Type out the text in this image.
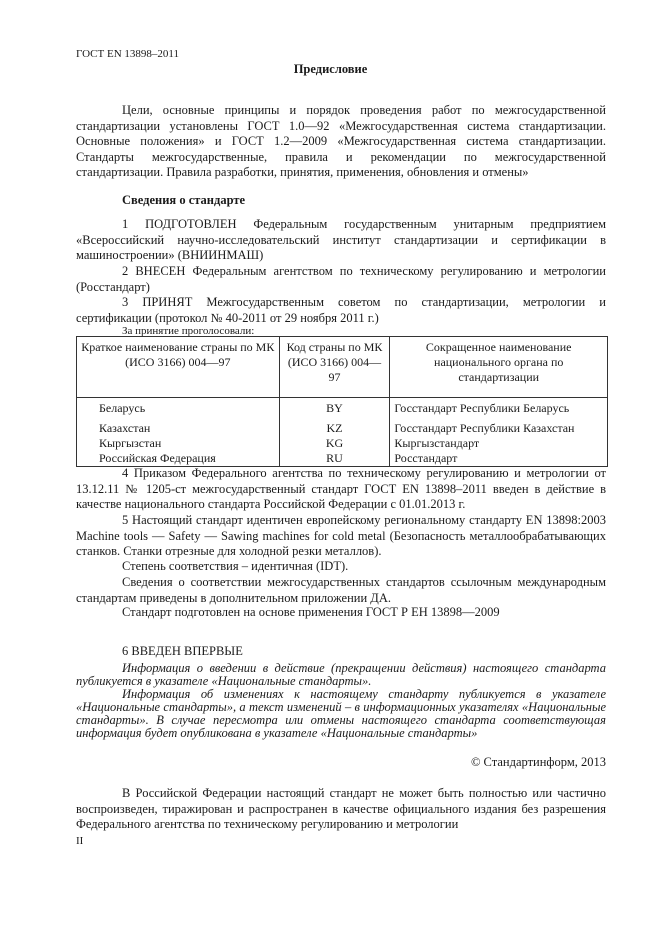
ГОСТ EN 13898–2011
Предисловие
Цели, основные принципы и порядок проведения работ по межгосударственной стандартизации установлены ГОСТ 1.0—92 «Межгосударственная система стандартизации. Основные положения» и ГОСТ 1.2—2009 «Межгосударственная система стандартизации. Стандарты межгосударственные, правила и рекомендации по межгосударственной стандартизации. Правила разработки, принятия, применения, обновления и отмены»
Сведения о стандарте
1 ПОДГОТОВЛЕН Федеральным государственным унитарным предприятием «Всероссийский научно-исследовательский институт стандартизации и сертификации в машиностроении» (ВНИИНМАШ)
2 ВНЕСЕН Федеральным агентством по техническому регулированию и метрологии (Росстандарт)
3 ПРИНЯТ Межгосударственным советом по стандартизации, метрологии и сертификации (протокол № 40-2011 от 29 ноября 2011 г.)
За принятие проголосовали:
Краткое наименование страны по МК (ИСО 3166) 004—97	Код страны по МК (ИСО 3166) 004—97	Сокращенное наименование национального органа по стандартизации
Беларусь	BY	Госстандарт Республики Беларусь
Казахстан	KZ	Госстандарт Республики Казахстан
Кыргызстан	KG	Кыргызстандарт
Российская Федерация	RU	Росстандарт
4 Приказом Федерального агентства по техническому регулированию и метрологии от 13.12.11 № 1205-ст межгосударственный стандарт ГОСТ EN 13898–2011 введен в действие в качестве национального стандарта Российской Федерации с 01.01.2013 г.
5 Настоящий стандарт идентичен европейскому региональному стандарту EN 13898:2003 Machine tools — Safety — Sawing machines for cold metal (Безопасность металлообрабатывающих станков. Станки отрезные для холодной резки металлов).
Степень соответствия – идентичная (IDT).
Сведения о соответствии межгосударственных стандартов ссылочным международным стандартам приведены в дополнительном приложении ДА.
Стандарт подготовлен на основе применения ГОСТ Р ЕН 13898—2009
6 ВВЕДЕН ВПЕРВЫЕ
Информация о введении в действие (прекращении действия) настоящего стандарта публикуется в указателе «Национальные стандарты».
Информация об изменениях к настоящему стандарту публикуется в указателе «Национальные стандарты», а текст изменений – в информационных указателях «Национальные стандарты». В случае пересмотра или отмены настоящего стандарта соответствующая информация будет опубликована в указателе «Национальные стандарты»
© Стандартинформ, 2013
В Российской Федерации настоящий стандарт не может быть полностью или частично воспроизведен, тиражирован и распространен в качестве официального издания без разрешения Федерального агентства по техническому регулированию и метрологии
II
